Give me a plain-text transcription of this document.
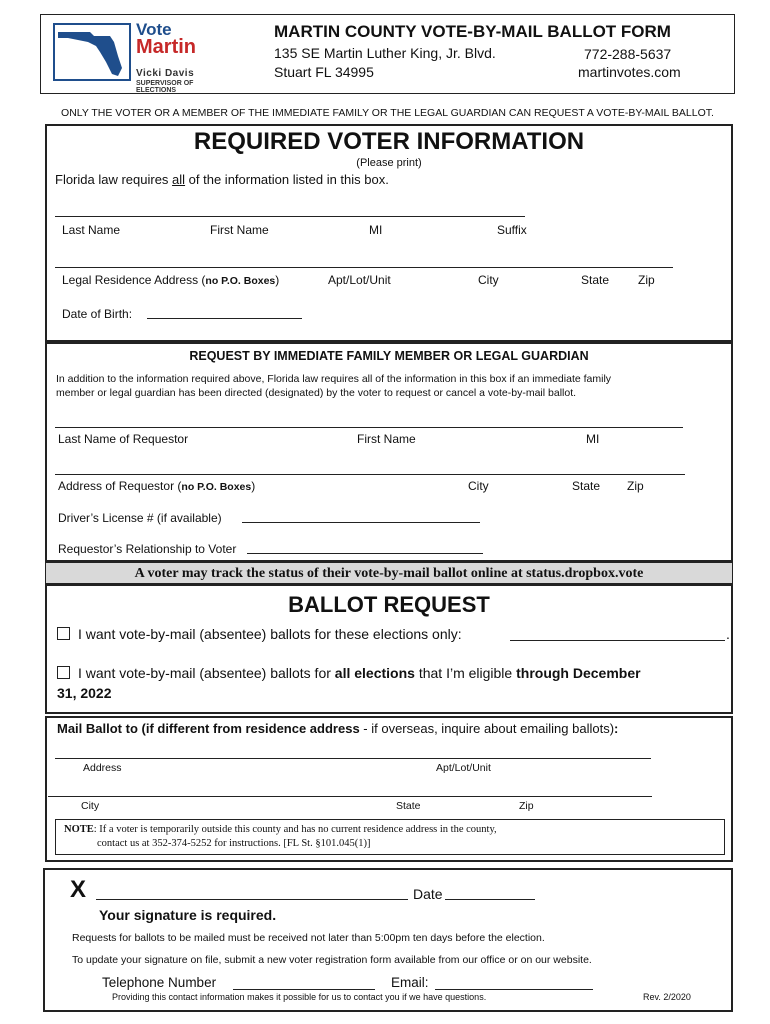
Vote
Martin
Vicki Davis
SUPERVISOR OF ELECTIONS
MARTIN COUNTY VOTE-BY-MAIL BALLOT FORM
135 SE Martin Luther King, Jr. Blvd.
Stuart FL 34995
772-288-5637
martinvotes.com
ONLY THE VOTER OR A MEMBER OF THE IMMEDIATE FAMILY OR THE LEGAL GUARDIAN CAN REQUEST A VOTE-BY-MAIL BALLOT.
REQUIRED VOTER INFORMATION
(Please print)
Florida law requires all of the information listed in this box.
Last Name	First Name	MI	Suffix
Legal Residence Address (no P.O. Boxes)	Apt/Lot/Unit	City	State Zip
Date of Birth:
REQUEST BY IMMEDIATE FAMILY MEMBER OR LEGAL GUARDIAN
In addition to the information required above, Florida law requires all of the information in this box if an immediate family
member or legal guardian has been directed (designated) by the voter to request or cancel a vote-by-mail ballot.
Last Name of Requestor	First Name	MI
Address of Requestor (no P.O. Boxes)	City	State Zip
Driver’s License # (if available)
Requestor’s Relationship to Voter
A voter may track the status of their vote-by-mail ballot online at status.dropbox.vote
BALLOT REQUEST
I want vote-by-mail (absentee) ballots for these elections only:	.
I want vote-by-mail (absentee) ballots for all elections that I’m eligible through December
31, 2022
Mail Ballot to (if different from residence address - if overseas, inquire about emailing ballots):
Address	Apt/Lot/Unit
City	State	Zip
NOTE: If a voter is temporarily outside this county and has no current residence address in the county,
contact us at 352-374-5252 for instructions. [FL St. §101.045(1)]
X	Date
Your signature is required.
Requests for ballots to be mailed must be received not later than 5:00pm ten days before the election.
To update your signature on file, submit a new voter registration form available from our office or on our website.
Telephone Number	Email:
Providing this contact information makes it possible for us to contact you if we have questions.	Rev. 2/2020
